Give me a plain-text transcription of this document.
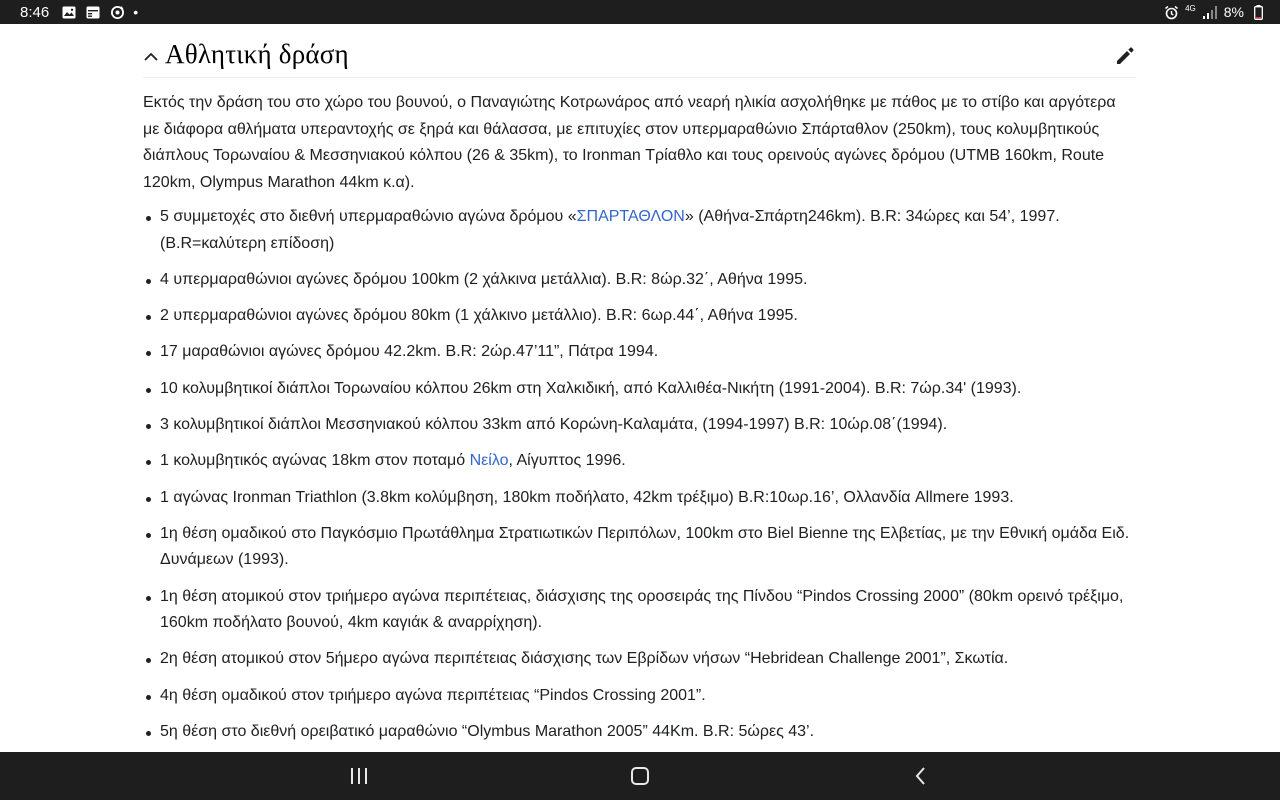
8:46	•	4G 8%
Αθλητική δράση

Εκτός την δράση του στο χώρο του βουνού, ο Παναγιώτης Κοτρωνάρος από νεαρή ηλικία ασχολήθηκε με πάθος με το στίβο και αργότερα με διάφορα αθλήματα υπεραντοχής σε ξηρά και θάλασσα, με επιτυχίες στον υπερμαραθώνιο Σπάρταθλον (250km), τους κολυμβητικούς διάπλους Τορωναίου & Μεσσηνιακού κόλπου (26 & 35km), το Ironman Τρίαθλο και τους ορεινούς αγώνες δρόμου (UTMB 160km, Route 120km, Olympus Marathon 44km κ.α).

5 συμμετοχές στο διεθνή υπερμαραθώνιο αγώνα δρόμου «ΣΠΑΡΤΑΘΛΟΝ» (Αθήνα-Σπάρτη246km). B.R: 34ώρες και 54’, 1997. (B.R=καλύτερη επίδοση)
4 υπερμαραθώνιοι αγώνες δρόμου 100km (2 χάλκινα μετάλλια). B.R: 8ώρ.32΄, Αθήνα 1995.
2 υπερμαραθώνιοι αγώνες δρόμου 80km (1 χάλκινο μετάλλιο). B.R: 6ωρ.44΄, Αθήνα 1995.
17 μαραθώνιοι αγώνες δρόμου 42.2km. B.R: 2ώρ.47’11”, Πάτρα 1994.
10 κολυμβητικοί διάπλοι Τορωναίου κόλπου 26km στη Χαλκιδική, από Καλλιθέα-Νικήτη (1991-2004). B.R: 7ώρ.34' (1993).
3 κολυμβητικοί διάπλοι Μεσσηνιακού κόλπου 33km από Κορώνη-Καλαμάτα, (1994-1997) B.R: 10ώρ.08΄(1994).
1 κολυμβητικός αγώνας 18km στον ποταμό Νείλο, Αίγυπτος 1996.
1 αγώνας Ironman Triathlon (3.8km κολύμβηση, 180km ποδήλατο, 42km τρέξιμο) B.R:10ωρ.16’, Ολλανδία Allmere 1993.
1η θέση ομαδικού στο Παγκόσμιο Πρωτάθλημα Στρατιωτικών Περιπόλων, 100km στο Biel Bienne της Ελβετίας, με την Εθνική ομάδα Ειδ. Δυνάμεων (1993).
1η θέση ατομικού στον τριήμερο αγώνα περιπέτειας, διάσχισης της οροσειράς της Πίνδου “Pindos Crossing 2000” (80km ορεινό τρέξιμο, 160km ποδήλατο βουνού, 4km καγιάκ & αναρρίχηση).
2η θέση ατομικού στον 5ήμερο αγώνα περιπέτειας διάσχισης των Εβρίδων νήσων “Hebridean Challenge 2001”, Σκωτία.
4η θέση ομαδικού στον τριήμερο αγώνα περιπέτειας “Pindos Crossing 2001”.
5η θέση στο διεθνή ορειβατικό μαραθώνιο “Olymbus Marathon 2005” 44Km. B.R: 5ώρες 43’.
